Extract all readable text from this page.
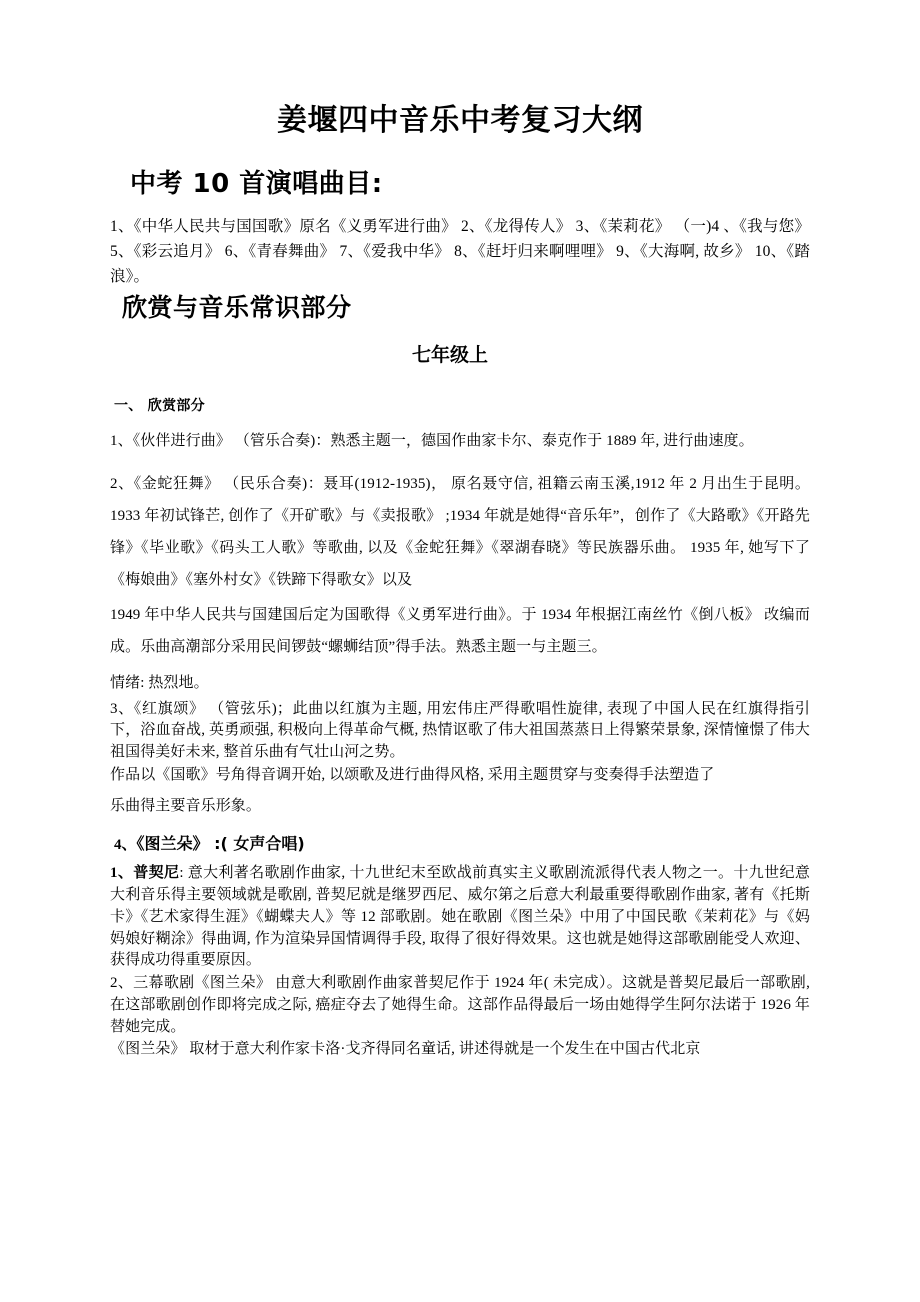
姜堰四中音乐中考复习大纲
中考 10 首演唱曲目:

1、《中华人民共与国国歌》原名《义勇军进行曲》 2、《龙得传人》 3、《茉莉花》 （一)4 、《我与您》 5、《彩云追月》 6、《青春舞曲》 7、《爱我中华》 8、《赶圩归来啊哩哩》 9、《大海啊, 故乡》 10、《踏浪》。

欣赏与音乐常识部分
七年级上
一、 欣赏部分

1、《伙伴进行曲》 （管乐合奏)：熟悉主题一，德国作曲家卡尔、泰克作于 1889 年, 进行曲速度。

2、《金蛇狂舞》 （民乐合奏)：聂耳(1912-1935)， 原名聂守信, 祖籍云南玉溪,1912 年 2 月出生于昆明。 1933 年初试锋芒, 创作了《开矿歌》与《卖报歌》 ;1934 年就是她得“音乐年”，创作了《大路歌》《开路先锋》《毕业歌》《码头工人歌》等歌曲, 以及《金蛇狂舞》《翠湖春晓》等民族器乐曲。 1935 年, 她写下了《梅娘曲》《塞外村女》《铁蹄下得歌女》以及

1949 年中华人民共与国建国后定为国歌得《义勇军进行曲》。于 1934 年根据江南丝竹《倒八板》 改编而成。乐曲高潮部分采用民间锣鼓“螺蛳结顶”得手法。熟悉主题一与主题三。

情绪: 热烈地。

3、《红旗颂》 （管弦乐)；此曲以红旗为主题, 用宏伟庄严得歌唱性旋律, 表现了中国人民在红旗得指引下，浴血奋战, 英勇顽强, 积极向上得革命气概, 热情讴歌了伟大祖国蒸蒸日上得繁荣景象, 深情憧憬了伟大祖国得美好未来, 整首乐曲有气壮山河之势。

作品以《国歌》号角得音调开始, 以颂歌及进行曲得风格, 采用主题贯穿与变奏得手法塑造了

乐曲得主要音乐形象。

4、《图兰朵》 :( 女声合唱)

1、普契尼: 意大利著名歌剧作曲家, 十九世纪末至欧战前真实主义歌剧流派得代表人物之一。十九世纪意大利音乐得主要领域就是歌剧, 普契尼就是继罗西尼、威尔第之后意大利最重要得歌剧作曲家, 著有《托斯卡》《艺术家得生涯》《蝴蝶夫人》等 12 部歌剧。她在歌剧《图兰朵》中用了中国民歌《茉莉花》与《妈妈娘好糊涂》得曲调, 作为渲染异国情调得手段, 取得了很好得效果。这也就是她得这部歌剧能受人欢迎、获得成功得重要原因。

2、三幕歌剧《图兰朵》 由意大利歌剧作曲家普契尼作于 1924 年( 未完成）。这就是普契尼最后一部歌剧, 在这部歌剧创作即将完成之际, 癌症夺去了她得生命。这部作品得最后一场由她得学生阿尔法诺于 1926 年替她完成。

《图兰朵》 取材于意大利作家卡洛·戈齐得同名童话, 讲述得就是一个发生在中国古代北京
